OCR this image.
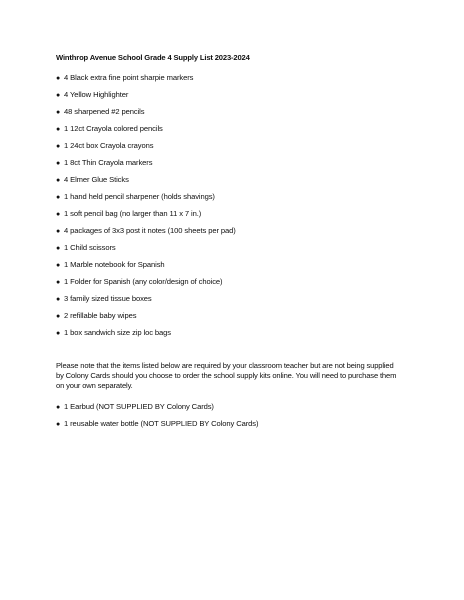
Winthrop Avenue School Grade 4 Supply List 2023-2024
● 4 Black extra fine point sharpie markers
● 4 Yellow Highlighter
● 48 sharpened #2 pencils
● 1 12ct Crayola colored pencils
● 1 24ct box Crayola crayons
● 1 8ct Thin Crayola markers
● 4 Elmer Glue Sticks
● 1 hand held pencil sharpener (holds shavings)
● 1 soft pencil bag (no larger than 11 x 7 in.)
● 4 packages of 3x3 post it notes (100 sheets per pad)
● 1 Child scissors
● 1 Marble notebook for Spanish
● 1 Folder for Spanish (any color/design of choice)
● 3 family sized tissue boxes
● 2 refillable baby wipes
● 1 box sandwich size zip loc bags

Please note that the items listed below are required by your classroom teacher but are not being supplied by Colony Cards should you choose to order the school supply kits online. You will need to purchase them on your own separately.

● 1 Earbud (NOT SUPPLIED BY Colony Cards)
● 1 reusable water bottle (NOT SUPPLIED BY Colony Cards)
